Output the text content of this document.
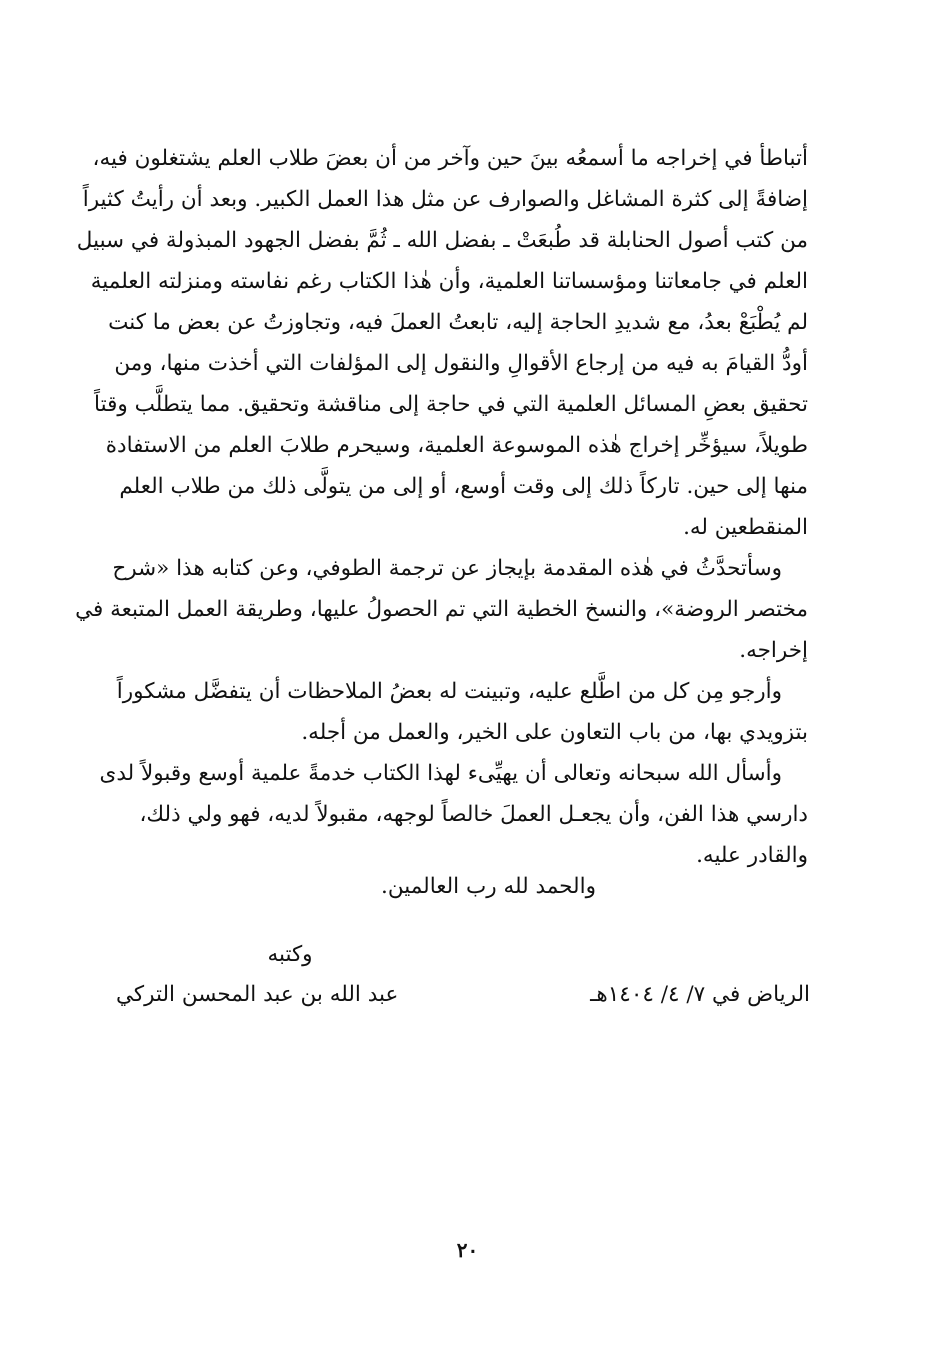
أتباطأ في إخراجه ما أسمعُه بينَ حين وآخر من أن بعضَ طلاب العلم يشتغلون فيه،
إضافةً إلى كثرة المشاغل والصوارف عن مثل هذا العمل الكبير. وبعد أن رأيتُ كثيراً
من كتب أصول الحنابلة قد طُبعَتْ ـ بفضل الله ـ ثُمَّ بفضل الجهود المبذولة في سبيل
العلم في جامعاتنا ومؤسساتنا العلمية، وأن هٰذا الكتاب رغم نفاسته ومنزلته العلمية
لم يُطْبَعْ بعدُ، مع شديدِ الحاجة إليه، تابعتُ العملَ فيه، وتجاوزتُ عن بعض ما كنت
أودُّ القيامَ به فيه من إرجاع الأقوالِ والنقول إلى المؤلفات التي أخذت منها، ومن
تحقيق بعضِ المسائل العلمية التي في حاجة إلى مناقشة وتحقيق. مما يتطلَّب وقتاً
طويلاً، سيؤخِّر إخراج هٰذه الموسوعة العلمية، وسيحرم طلابَ العلم من الاستفادة
منها إلى حين. تاركاً ذلك إلى وقت أوسع، أو إلى من يتولَّى ذلك من طلاب العلم
المنقطعين له.
وسأتحدَّثُ في هٰذه المقدمة بإيجاز عن ترجمة الطوفي، وعن كتابه هذا «شرح
مختصر الروضة»، والنسخ الخطية التي تم الحصولُ عليها، وطريقة العمل المتبعة في
إخراجه.
وأرجو مِن كل من اطَّلع عليه، وتبينت له بعضُ الملاحظات أن يتفضَّل مشكوراً
بتزويدي بها، من باب التعاون على الخير، والعمل من أجله.
وأسأل الله سبحانه وتعالى أن يهيِّىء لهذا الكتاب خدمةً علمية أوسع وقبولاً لدى
دارسي هذا الفن، وأن يجعـل العملَ خالصاً لوجهه، مقبولاً لديه، فهو ولي ذلك،
والقادر عليه.
والحمد لله رب العالمين.
وكتبه
عبد الله بن عبد المحسن التركي	الرياض في ٧/ ٤/ ١٤٠٤هـ
٢٠
